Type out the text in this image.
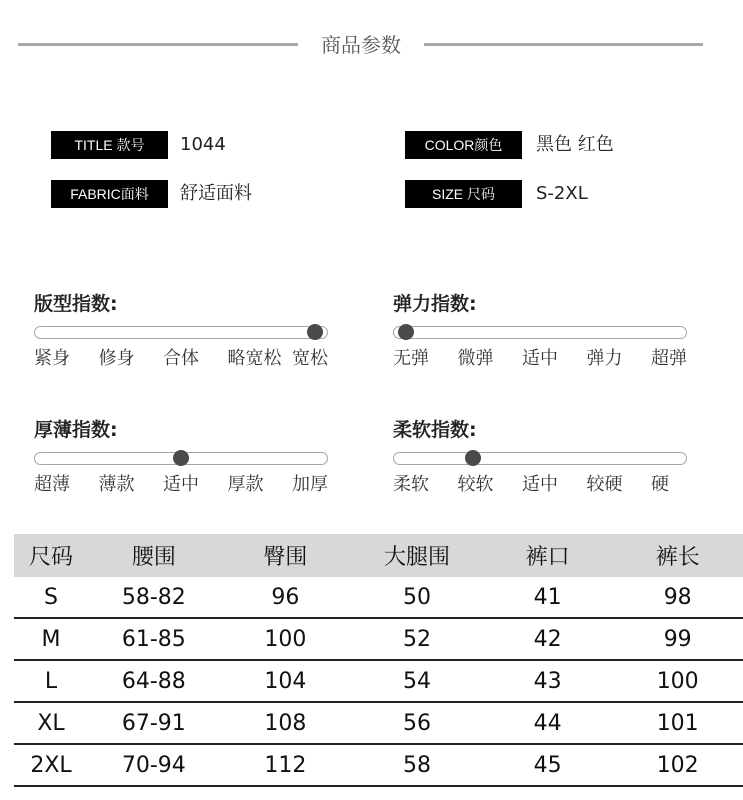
商品参数
TITLE 款号	1044	COLOR颜色	黑色 红色
FABRIC面料	舒适面料	SIZE 尺码	S-2XL
版型指数:
紧身 修身 合体 略宽松 宽松
弹力指数:
无弹 微弹 适中 弹力 超弹
厚薄指数:
超薄 薄款 适中 厚款 加厚
柔软指数:
柔软 较软 适中 较硬 硬
尺码	腰围	臀围	大腿围	裤口	裤长
S	58-82	96	50	41	98
M	61-85	100	52	42	99
L	64-88	104	54	43	100
XL	67-91	108	56	44	101
2XL	70-94	112	58	45	102
